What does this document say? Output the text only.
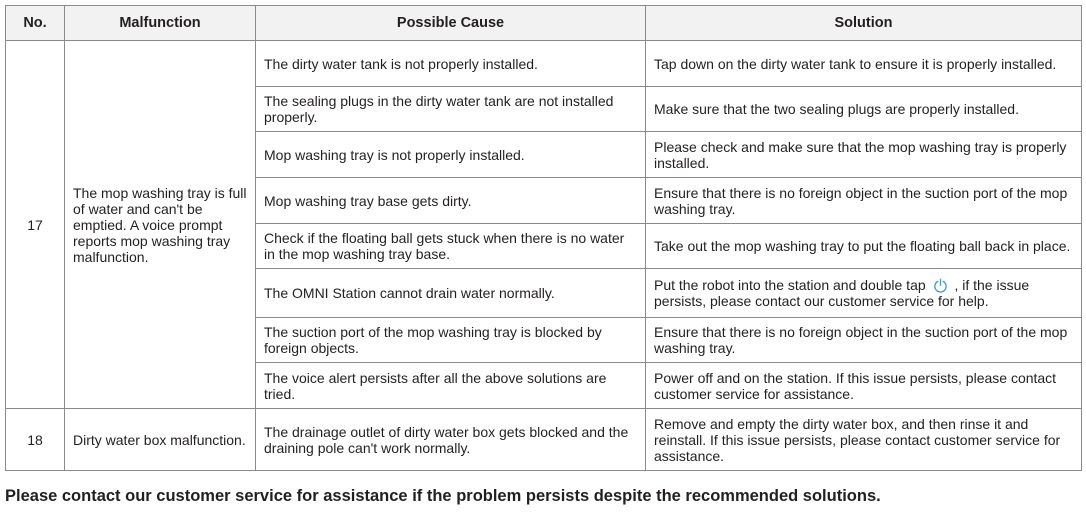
No.	Malfunction	Possible Cause	Solution
17	The mop washing tray is full of water and can't be emptied. A voice prompt reports mop washing tray malfunction.	The dirty water tank is not properly installed.	Tap down on the dirty water tank to ensure it is properly installed.
		The sealing plugs in the dirty water tank are not installed properly.	Make sure that the two sealing plugs are properly installed.
		Mop washing tray is not properly installed.	Please check and make sure that the mop washing tray is properly installed.
		Mop washing tray base gets dirty.	Ensure that there is no foreign object in the suction port of the mop washing tray.
		Check if the floating ball gets stuck when there is no water in the mop washing tray base.	Take out the mop washing tray to put the floating ball back in place.
		The OMNI Station cannot drain water normally.	Put the robot into the station and double tap , if the issue persists, please contact our customer service for help.
		The suction port of the mop washing tray is blocked by foreign objects.	Ensure that there is no foreign object in the suction port of the mop washing tray.
		The voice alert persists after all the above solutions are tried.	Power off and on the station. If this issue persists, please contact customer service for assistance.
18	Dirty water box malfunction.	The drainage outlet of dirty water box gets blocked and the draining pole can't work normally.	Remove and empty the dirty water box, and then rinse it and reinstall. If this issue persists, please contact customer service for assistance.
Please contact our customer service for assistance if the problem persists despite the recommended solutions.
